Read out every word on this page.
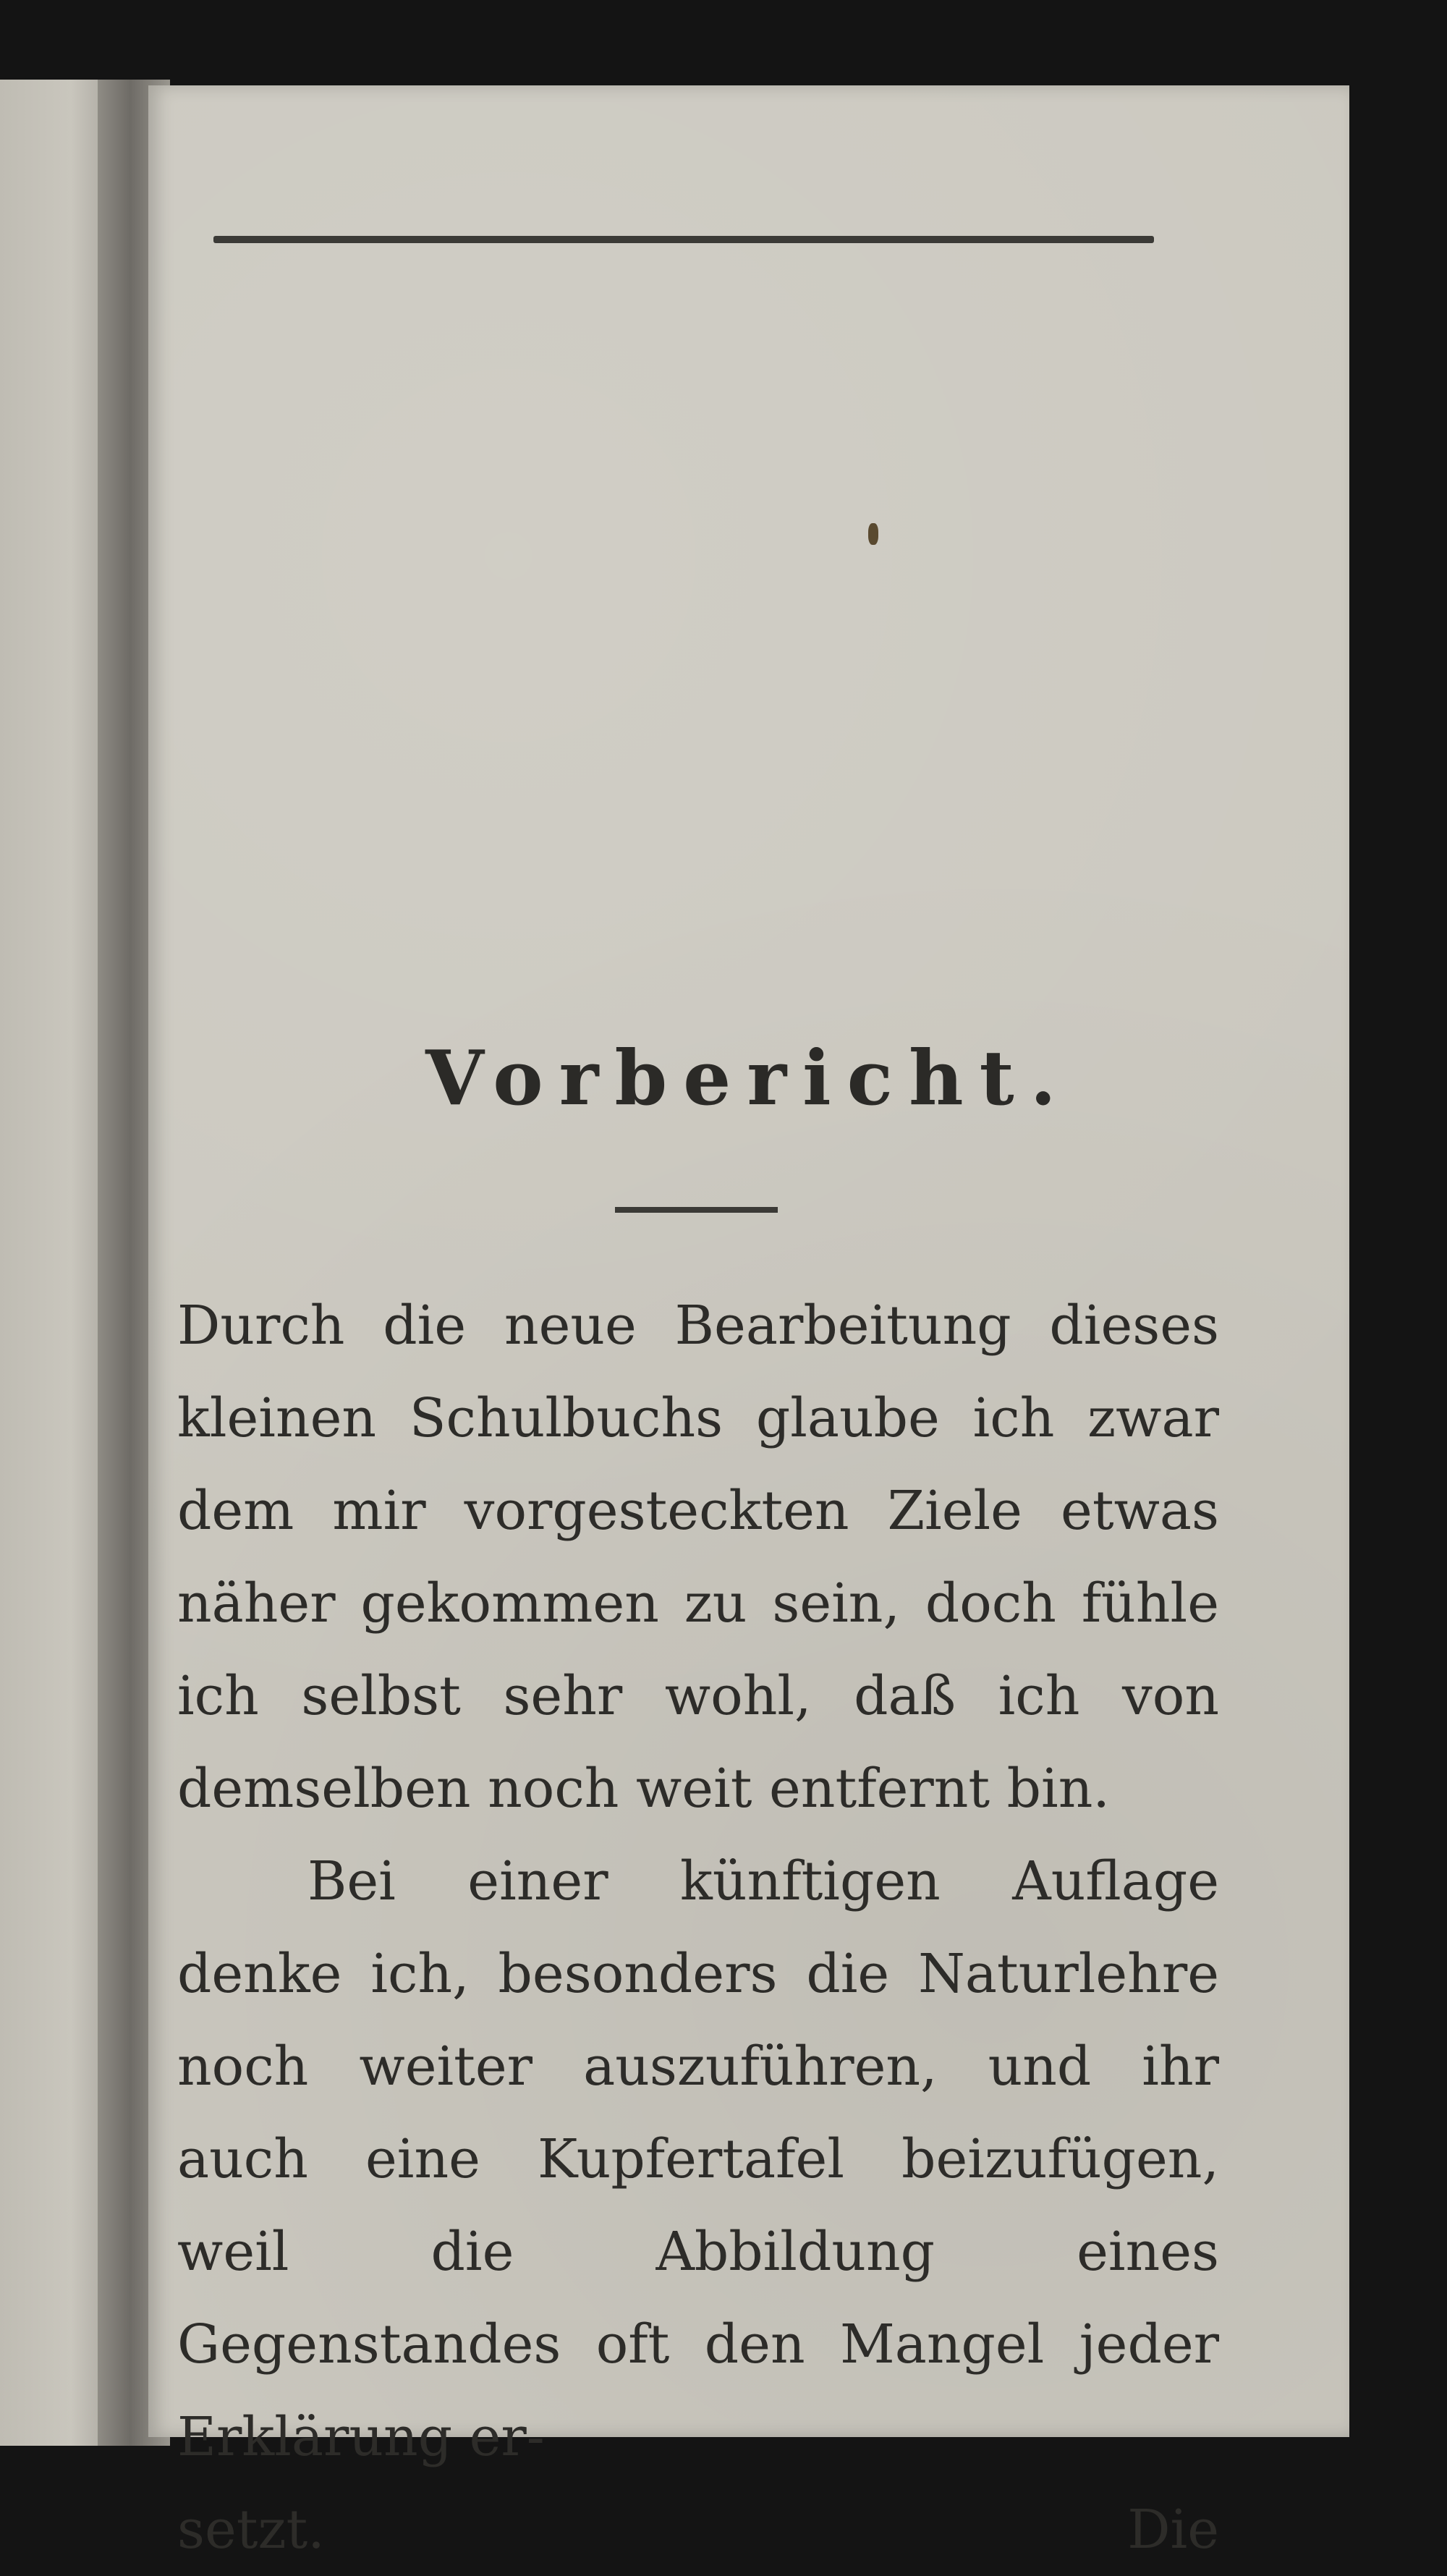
Vorbericht.

Durch die neue Bearbeitung dieses kleinen Schulbuchs glaube ich zwar dem mir vorgesteckten Ziele etwas näher gekommen zu sein, doch fühle ich selbst sehr wohl, daß ich von demselben noch weit entfernt bin.

Bei einer künftigen Auflage denke ich, besonders die Naturlehre noch weiter auszuführen, und ihr auch eine Kupfertafel beizufügen, weil die Abbildung eines Gegenstandes oft den Mangel jeder Erklärung er-

setzt.	Die
